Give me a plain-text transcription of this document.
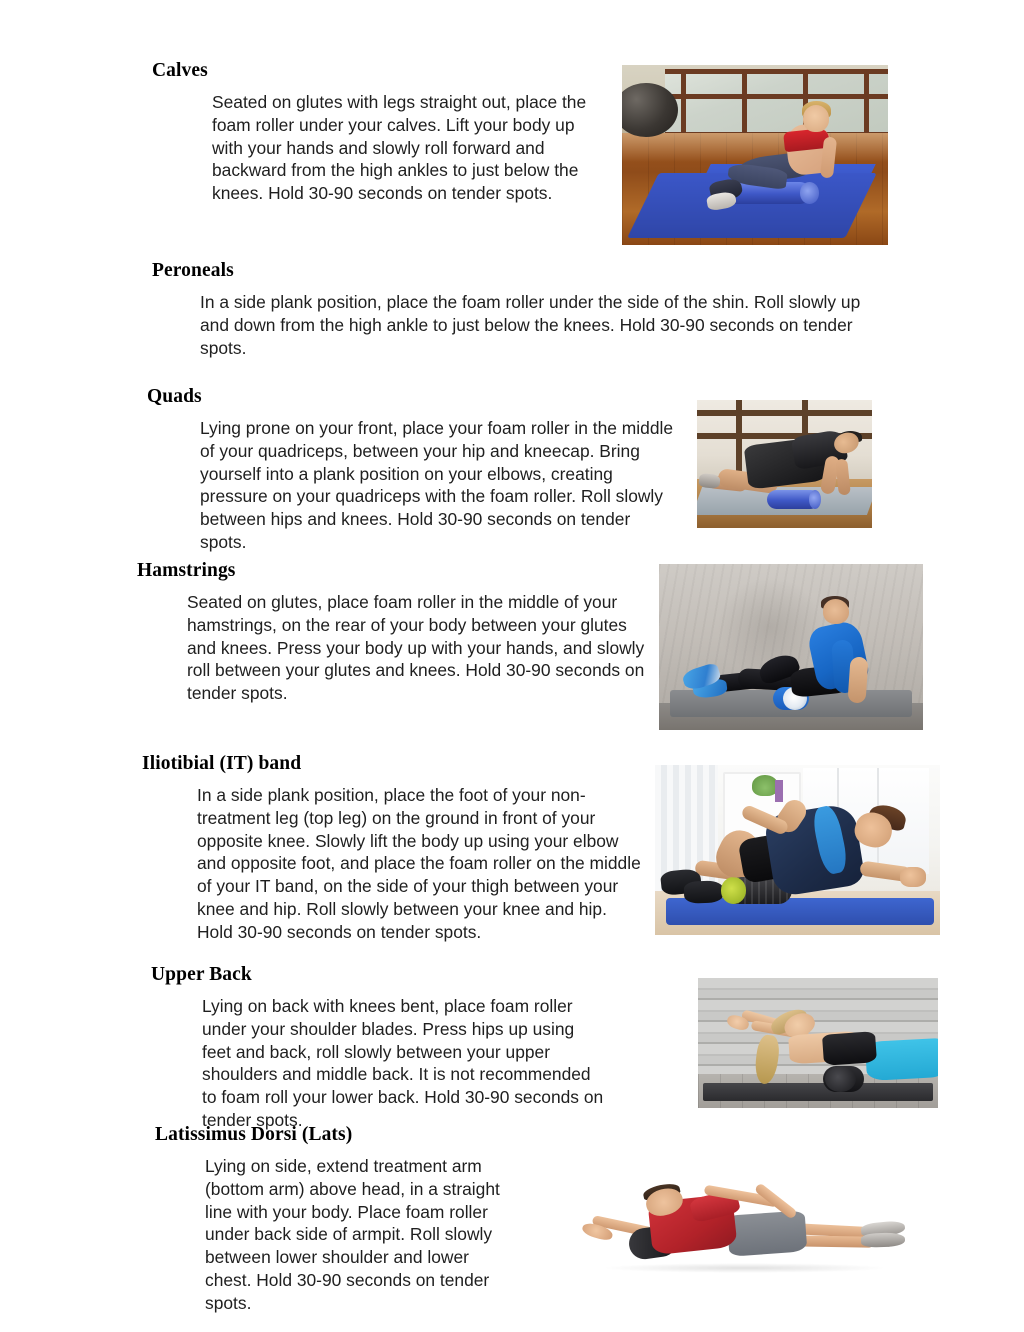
Calves
Seated on glutes with legs straight out, place the foam roller under your calves. Lift your body up with your hands and slowly roll forward and backward from the high ankles to just below the knees. Hold 30-90 seconds on tender spots.
Peroneals
In a side plank position, place the foam roller under the side of the shin. Roll slowly up and down from the high ankle to just below the knees. Hold 30-90 seconds on tender spots.
Quads
Lying prone on your front, place your foam roller in the middle of your quadriceps, between your hip and kneecap. Bring yourself into a plank position on your elbows, creating pressure on your quadriceps with the foam roller. Roll slowly between hips and knees. Hold 30-90 seconds on tender spots.
Hamstrings
Seated on glutes, place foam roller in the middle of your hamstrings, on the rear of your body between your glutes and knees. Press your body up with your hands, and slowly roll between your glutes and knees. Hold 30-90 seconds on tender spots.
Iliotibial (IT) band
In a side plank position, place the foot of your non-treatment leg (top leg) on the ground in front of your opposite knee. Slowly lift the body up using your elbow and opposite foot, and place the foam roller on the middle of your IT band, on the side of your thigh between your knee and hip. Roll slowly between your knee and hip. Hold 30-90 seconds on tender spots.
Upper Back
Lying on back with knees bent, place foam roller under your shoulder blades. Press hips up using feet and back, roll slowly between your upper shoulders and middle back. It is not recommended to foam roll your lower back. Hold 30-90 seconds on tender spots.
Latissimus Dorsi (Lats)
Lying on side, extend treatment arm (bottom arm) above head, in a straight line with your body. Place foam roller under back side of armpit. Roll slowly between lower shoulder and lower chest. Hold 30-90 seconds on tender spots.
